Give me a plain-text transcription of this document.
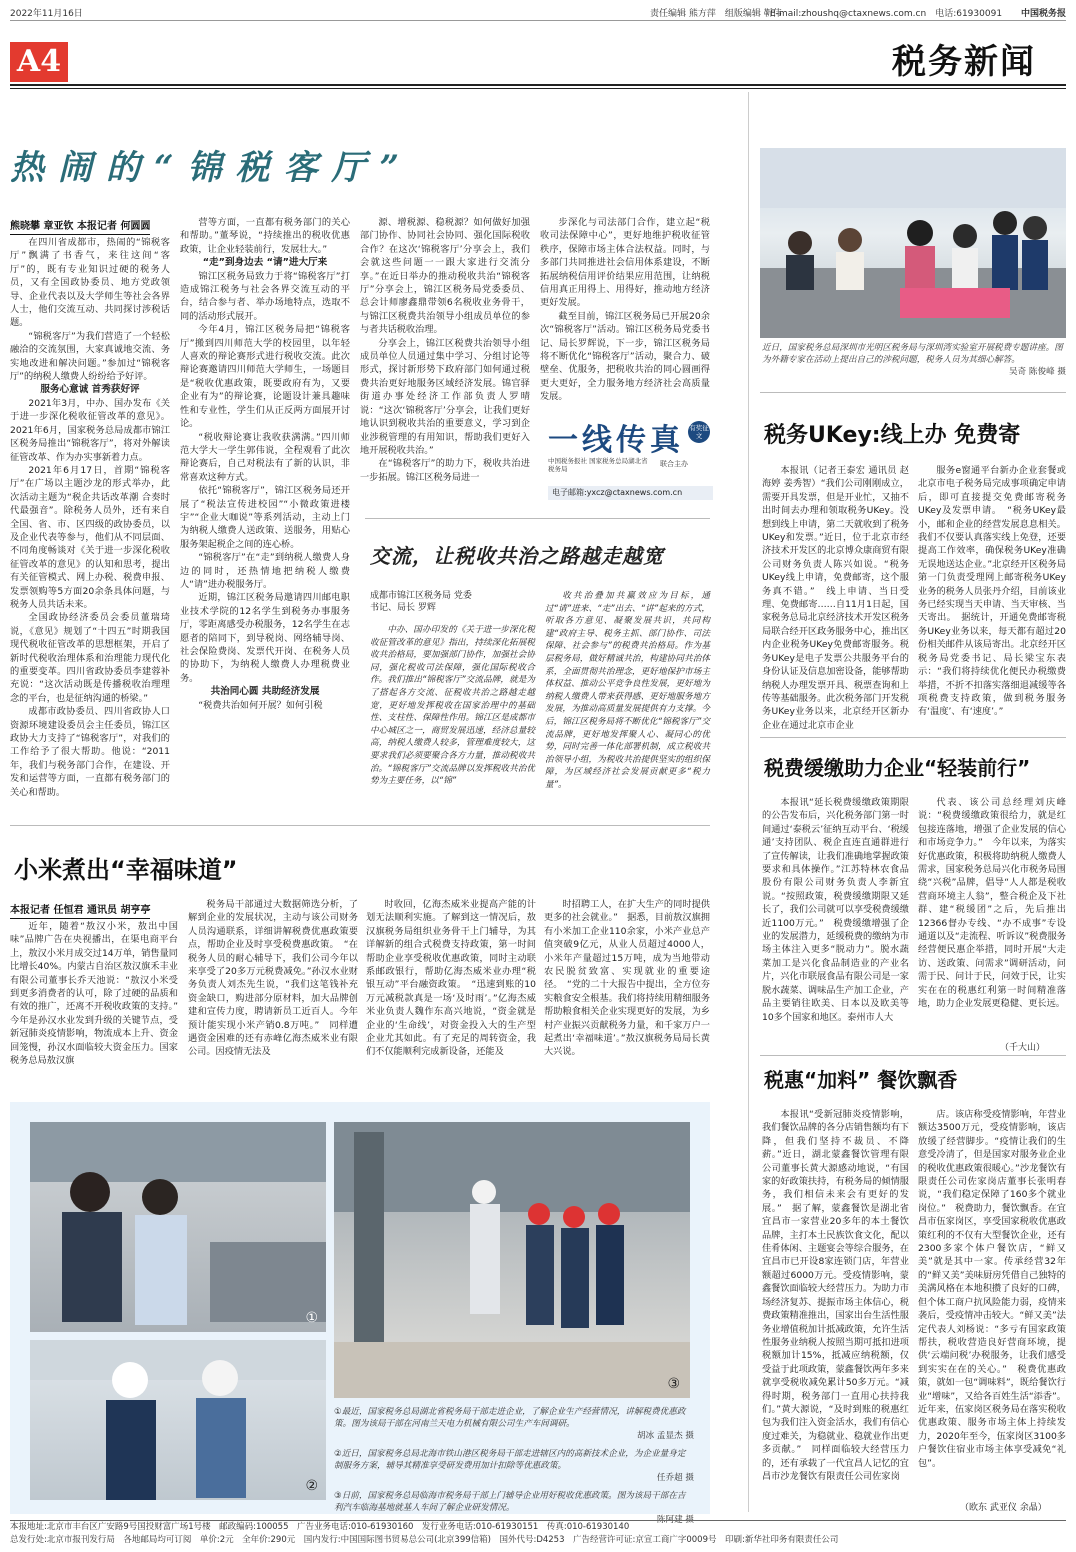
2022年11月16日	责任编辑 熊方萍　组版编辑 靳伟
E-mail:zhoushq@ctaxnews.com.cn　电话:61930091 中国税务报
A4	税务新闻
热闹的“锦税客厅”
熊晓攀 章亚钦 本报记者 何圆圆

在四川省成都市，热闹的“锦税客厅”飘满了书香气，来往这间“客厅”的，既有专业知识过硬的税务人员，又有全国政协委员、地方党政领导、企业代表以及大学师生等社会各界人士，他们交流互动、共同探讨涉税话题。

“锦税客厅”为我们营造了一个轻松融洽的交流氛围，大家真诚地交流、务实地改进和解决问题。”参加过“锦税客厅”的纳税人缴费人纷纷给予好评。

服务心意诚 首秀获好评

2021年3月，中办、国办发布《关于进一步深化税收征管改革的意见》。2021年6月，国家税务总局成都市锦江区税务局推出“锦税客厅”，将对外解读征管改革、作为办实事新着力点。

2021年6月17日，首期“锦税客厅”在广场以主题沙龙的形式举办，此次活动主题为“税企共话改革潮 合奏时代最强音”。除税务人员外，还有来自全国、省、市、区四级的政协委员，以及企业代表等参与，他们从不同层面、不同角度畅谈对《关于进一步深化税收征管改革的意见》的认知和思考，提出有关征管模式、网上办税、税费申报、发票领购等5方面20余条具体问题，与税务人员共话未来。

全国政协经济委员会委员董瑞琦说，《意见》规划了“十四五”时期我国现代税收征管改革的思想框架，开启了新时代税收治理体系和治理能力现代化的重要变革。四川省政协委员李建蓉补充说：“这次活动既是传播税收治理理念的平台，也是征纳沟通的桥梁。”

成都市政协委员、四川省政协人口资源环境建设委员会主任委员，锦江区政协大力支持了“锦税客厅”，对我们的工作给予了很大帮助。他说：“2011年，我们与税务部门合作，在建设、开发和运营等方面，一直都有税务部门的关心和帮助。

营等方面，一直都有税务部门的关心和帮助。”董琴说，“持续推出的税收优惠政策，让企业轻装前行，发展壮大。”

“走”到身边去 “请”进大厅来

锦江区税务局致力于将“锦税客厅”打造成锦江税务与社会各界交流互动的平台，结合参与者、举办场地特点，选取不同的活动形式展开。

今年4月，锦江区税务局把“锦税客厅”搬到四川师范大学的校园里，以年轻人喜欢的辩论赛形式进行税收交流。此次辩论赛邀请四川师范大学师生，一场题目是“税收优惠政策，既要政府有为，又要企业有为”的辩论赛，论题设计兼具趣味性和专业性，学生们从正反两方面展开讨论。

“税收辩论赛让我收获满满。”四川师范大学大一学生郭伟说，全程观看了此次辩论赛后，自己对税法有了新的认识，非常喜欢这种方式。

依托“锦税客厅”，锦江区税务局还开展了“税法宣传进校园”“小微政策进楼宇”“企业大咖说”等系列活动，主动上门为纳税人缴费人送政策、送服务，用贴心服务架起税企之间的连心桥。

“锦税客厅”在“走”到纳税人缴费人身边的同时，还热情地把纳税人缴费人“请”进办税服务厅。

近期，锦江区税务局邀请四川邮电职业技术学院的12名学生到税务办事服务厅，零距离感受办税服务，12名学生在志愿者的陪同下，到导税岗、网络辅导岗、社会保险费岗、发票代开岗、在税务人员的协助下，为纳税人缴费人办理税费业务。

共治同心圆 共助经济发展

“税费共治如何开展？如何引税

源、增税源、稳税源？如何做好加强部门协作、协同社会协同、强化国际税收合作？在这次‘锦税客厅’分享会上，我们会就这些问题一一跟大家进行交流分享。”在近日举办的推动税收共治“锦税客厅”分享会上，锦江区税务局党委委员、总会计师廖鑫鼎带领6名税收业务骨干，与锦江区税费共治领导小组成员单位的参与者共话税收治理。

分享会上，锦江区税费共治领导小组成员单位人员通过集中学习、分组讨论等形式，探讨新形势下政府部门如何通过税费共治更好地服务区域经济发展。锦官驿街道办事处经济工作部负责人罗晴说：“这次‘锦税客厅’分享会，让我们更好地认识到税收共治的重要意义，学习到企业涉税管理的有用知识，帮助我们更好入地开展税收共治。”

在“锦税客厅”的助力下，税收共治进一步拓展。锦江区税务局进一

步深化与司法部门合作，建立起“税收司法保障中心”，更好地维护税收征管秩序，保障市场主体合法权益。同时，与多部门共同推进社会信用体系建设，不断拓展纳税信用评价结果应用范围，让纳税信用真正用得上、用得好，推动地方经济更好发展。

截至目前，锦江区税务局已开展20余次“锦税客厅”活动。锦江区税务局党委书记、局长罗辉说，下一步，锦江区税务局将不断优化“锦税客厅”活动，聚合力、破壁垒、优服务，把税收共治的同心圆画得更大更好，全力服务地方经济社会高质量发展。

一线传真 有奖征文
中国税务报社 国家税务总局湖北省税务局
联合主办
电子邮箱:yxcz@ctaxnews.com.cn
交流，让税收共治之路越走越宽
成都市锦江区税务局 党委书记、局长 罗辉

中办、国办印发的《关于进一步深化税收征管改革的意见》指出，持续深化拓展税收共治格局，要加强部门协作，加强社会协同，强化税收司法保障，强化国际税收合作。我们推出“锦税客厅”交流品牌，就是为了搭起各方交流、征税收共治之路越走越宽，更好地发挥税收在国家治理中的基础性、支柱性、保障性作用。锦江区是成都市中心城区之一，商贸发展迅速，经济总量较高，纳税人缴费人较多，管理难度较大，这要求我们必须要聚合各方力量，推动税收共治。“锦税客厅”交流品牌以发挥税收共治优势为主要任务，以“锦”

收共治叠加共赢效应为目标，通过“请”进来、“走”出去、“讲”起来的方式，听取各方意见、凝聚发展共识，共同构建“政府主导、税务主抓、部门协作、司法保障、社会参与”的税费共治格局。作为基层税务局，做好精诚共治，构建协同共治体系，全面贯彻共治理念，更好地保护市场主体权益、推动公平竞争良性发展，更好地为纳税人缴费人带来获得感、更好地服务地方发展，为推动高质量发展提供有力支撑。今后，锦江区税务局将不断优化“锦税客厅”交流品牌，更好地发挥聚人心、凝同心的优势，同时完善一体化部署机制，成立税收共治领导小组，为税收共治提供坚实的组织保障，为区域经济社会发展贡献更多“税力量”。

近日，国家税务总局深圳市光明区税务局与深圳湾实验室开展税费专题讲座。图为外籍专家在活动上提出自己的涉税问题，税务人员为其细心解答。
吴奇 陈俊峰 摄
税务UKey:线上办 免费寄

本报讯（记者王泰宏 通讯员 赵海婷 姜秀智）“我们公司刚刚成立，需要开具发票，但是开业忙，又抽不出时间去办理和领取税务UKey。没想到线上申请，第二天就收到了税务UKey和发票。”近日，位于北京市经济技术开发区的北京博众康商贸有限公司财务负责人陈兴如说。“税务UKey线上申请，免费邮寄，这个服务真不错。”　线上申请、当日受理、免费邮寄……自11月1日起，国家税务总局北京经济技术开发区税务局联合经开区政务服务中心，推出区内企业税务UKey免费邮寄服务。税务UKey是电子发票公共服务平台的身份认证及信息加密设备，能够帮助纳税人办理发票开具、税票查询和上传等基础服务。此次税务部门开发税务UKey业务以来，北京经开区新办企业在通过北京市企业

服务e窗通平台新办企业套餐或北京市电子税务局完成事项确定申请后，即可直接提交免费邮寄税务UKey及发票申请。　“税务UKey最小，邮和企业的经营发展息息相关。我们不仅要认真落实线上免登，还要提高工作效率，确保税务UKey准确无误地送达企业。”北京经开区税务局第一门负责受理网上邮寄税务UKey业务的税务人员张丹介绍，目前该业务已经实现当天申请、当天审核、当天寄出。　据统计，开通免费邮寄税务UKey业务以来，每天都有超过20份相关邮件从该局寄出。北京经开区税务局党委书记、局长梁宝东表示：“我们将持续优化便民办税缴费举措，不折不扣落实落细退减缓等各项税费支持政策，做到税务服务有‘温度’、有‘速度’。”

税费缓缴助力企业“轻装前行”

本报讯“延长税费缓缴政策期限的公告发布后，兴化税务部门第一时间通过‘泰税云’征纳互动平台、‘税缓通’支持团队、税企直连直通群进行了宣传解读，让我们准确地掌握政策要求和具体操作。”江苏特林农食品股份有限公司财务负责人李新宜说。“按照政策，税费缓缴期限又延长了，我们公司就可以享受税费缓缴近1100万元。”　税费缓缴增强了企业的发展潜力，延缓税费的缴纳为市场主体注入更多“脱动力”。脱水蔬菜加工是兴化食品制造业的产业名片，兴化市联展食品有限公司是一家脱水蔬菜、调味品生产加工企业，产品主要销往欧美、日本以及欧美等10多个国家和地区。泰州市人大

代表、该公司总经理刘庆峰说：“税费缓缴政策很给力，就是红包接连落地，增强了企业发展的信心和市场竞争力。”　今年以来，为落实好优惠政策，积极将助纳税人缴费人需求，国家税务总局兴化市税务局围绕“兴税”品牌，倡导“人人都是税收营商环境主人翁”，整合税企及下社群、建“税缓团”之后，先后推出12366督办专线、“办不成事”专设通道以及“走流程、听诉议”税费服务经营便民惠企举措，同时开展“大走访、送政策、问需求”调研活动，问需于民、问计于民，问效于民，让实实在在的税惠红利第一时间精准落地，助力企业发展更稳健、更长远。

（千大山）
税惠“加料” 餐饮飘香

本报讯“受新冠肺炎疫情影响，我们餐饮品牌的各分店销售额均有下降，但我们坚持不裁员、不降薪。”近日，湖北蒙鑫餐饮管理有限公司董事长黄大源感动地说，“有国家的好政策扶持，有税务局的倾情服务，我们相信未来会有更好的发展。”　据了解，蒙鑫餐饮是湖北省宜昌市一家营业20多年的本土餐饮品牌，主打本土民族饮食文化，配以佳肴体闲、主题宴会等综合服务，在宜昌市已开设8家连锁门店，年营业额超过6000万元。受疫情影响，蒙鑫餐饮面临较大经营压力。为助力市场经济复苏、提振市场主体信心，税费政策精准推出，国家出台生活性服务业增值税加计抵减政策，允许生活性服务业纳税人按照当期可抵扣进项税额加计15%，抵减应纳税额，仅受益于此项政策，蒙鑫餐饮两年多来就享受税收减免累计50多万元。“减得时期，税务部门一直用心扶持我们。”黄大源说，“及时到账的税惠红包为我们注入资金活水，我们有信心度过难关，为稳就业、稳就业作出更多贡献。”　同样面临较大经营压力的，还有承载了一代宜昌人记忆的宜昌市沙龙餐饮有限责任公司佐家岗

店。该店称受疫情影响，年营业额达3500万元，受疫情影响，该店放缓了经营脚步。“疫情让我们的生意受冷清了，但是国家对服务业企业的税收优惠政策很暖心。”沙龙餐饮有限责任公司佐家岗店董事长张明春说，“我们稳定保障了160多个就业岗位。”　税费助力，餐饮飘香。在宜昌市伍家岗区，享受国家税收优惠政策红利的不仅有大型餐饮企业，还有2300多家个体户餐饮店，“鲜又美”就是其中一家。传承经营32年的“鲜又美”美味厨房凭借自己独特的美满风格在本地积攒了良好的口碑，但个体工商户抗风险能力弱，疫情来袭后，受疫情冲击较大。“鲜又美”法定代表人刘杨说：“多亏有国家政策帮扶，税收营造良好营商环境，提供‘云端问税’办税服务，让我们感受到实实在在的关心。”　税费优惠政策，就如一包“调味料”，既给餐饮行业“增味”，又给各百姓生活“添香”。近年来，伍家岗区税务局在落实税收优惠政策、服务市场主体上持续发力，2020年至今，伍家岗区3100多户餐饮住宿业市场主体享受减免“礼包”。

（欧东 武亚仪 余晶）
小米煮出“幸福味道”
本报记者 任恒君 通讯员 胡亨亭

近年，随着“敖汉小米，敖出中国味”品牌广告在央视播出，在渠电商平台上，敖汉小米月成交过14万单，销售量同比增长40%。内蒙古自治区敖汉旗禾丰业有限公司董事长乔天池说：“敖汉小米受到更多消费者的认可，除了过硬的品质和有效的推广，还离不开税收政策的支持。”　今年是孙汉水业发到升级的关键节点，受新冠肺炎疫情影响，物流成本上升、资金回笼慢，孙汉水面临较大资金压力。国家税务总局敖汉旗

税务局干部通过大数据筛选分析，了解到企业的发展状况，主动与该公司财务人员沟通联系，详细讲解税费优惠政策要点，帮助企业及时享受税费惠政策。　“在税务人员的耐心辅导下，我们公司今年以来享受了20多万元税费减免。”孙汉水业财务负责人刘杰先生说，“我们这笔钱补充资金缺口，购进部分原材料，加大品牌创建和宣传力度，聘请新员工近百人。今年预计能实现小米产销0.8万吨。”　同样遭遇资金困难的还有赤峰亿海杰威米业有限公司。因疫情无法及

时收回，亿海杰威米业提高产能的计划无法顺利实施。了解到这一情况后，敖汉旗税务局组织业务骨干上门辅导，为其详解新的组合式税费支持政策，第一时间帮助企业享受税收优惠政策，同时主动联系邮政银行，帮助亿海杰威米业办理“税银互动”平台融资政策。　“迅速到账的10万元减税款真是一场‘及时雨’。”亿海杰威米业负责人魏作东高兴地说，“资金就是企业的‘生命线’，对资金投入大的生产型企业尤其如此。有了充足的周转资金，我们不仅能顺利完成新设备，还能及

时招聘工人，在扩大生产的同时提供更多的社会就业。”　据悉，目前敖汉旗拥有小米加工企业110余家，小米产业总产值突破9亿元，从业人员超过4000人，小米年产量超过15万吨，成为当地带动农民脱贫致富、实现就业的重要途径。　“党的二十大报告中提出，全方位夯实粮食安全根基。我们将持续用精细服务帮助粮食相关企业实现更好的发展，为乡村产业振兴贡献税务力量，和千家万户一起煮出‘幸福味道’。”敖汉旗税务局局长黄大兴说。

①
③
②
①最近，国家税务总局湖北省税务局干部走进企业，了解企业生产经营情况，讲解税费优惠政策。图为该局干部在河南兰天电力机械有限公司生产车间调研。
胡冰 孟显杰 摄
②近日，国家税务总局北海市铁山港区税务局干部走进辖区内的高新技术企业，为企业量身定制服务方案，辅导其精准享受研发费用加计扣除等优惠政策。
任乔超 摄
③日前，国家税务总局临海市税务局干部上门辅导企业用好税收优惠政策。图为该局干部在吉利汽车临海基地就基人车间了解企业研发情况。
陈阿建 摄
本报地址:北京市丰台区广安路9号国投财富广场1号楼　邮政编码:100055　广告业务电话:010-61930160　发行业务电话:010-61930151　传真:010-61930140
总发行处:北京市报刊发行局　各地邮局均可订阅　单价:2元　全年价:290元　国内发行:中国国际图书贸易总公司(北京399信箱)　国外代号:D4253　广告经营许可证:京宣工商广字0009号　印刷:新华社印务有限责任公司
